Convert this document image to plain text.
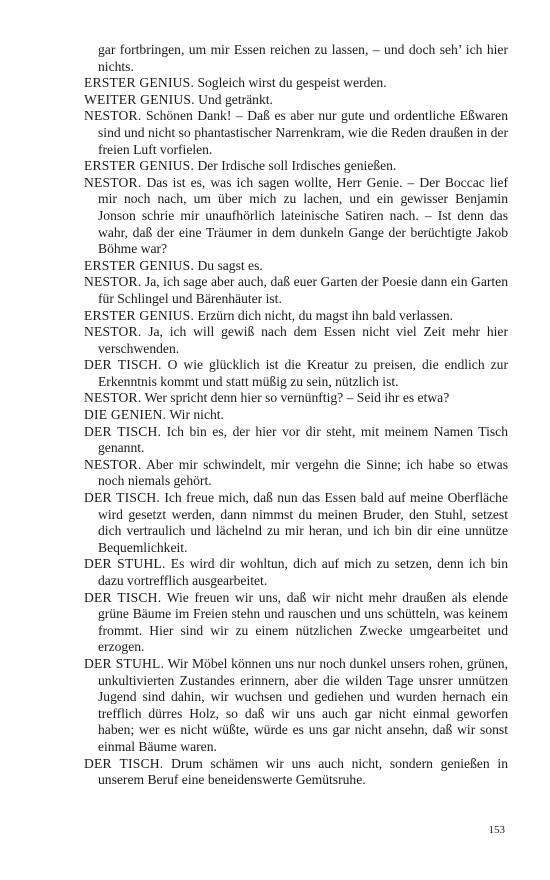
gar fortbringen, um mir Essen reichen zu lassen, – und doch seh’ ich hier nichts.

ERSTER GENIUS. Sogleich wirst du gespeist werden.

WEITER GENIUS. Und getränkt.

NESTOR. Schönen Dank! – Daß es aber nur gute und ordentliche Eßwaren sind und nicht so phantastischer Narrenkram, wie die Reden draußen in der freien Luft vorfielen.

ERSTER GENIUS. Der Irdische soll Irdisches genießen.

NESTOR. Das ist es, was ich sagen wollte, Herr Genie. – Der Boccac lief mir noch nach, um über mich zu lachen, und ein gewisser Benjamin Jonson schrie mir unaufhörlich lateinische Satiren nach. – Ist denn das wahr, daß der eine Träumer in dem dunkeln Gange der berüchtigte Jakob Böhme war?

ERSTER GENIUS. Du sagst es.

NESTOR. Ja, ich sage aber auch, daß euer Garten der Poesie dann ein Garten für Schlingel und Bärenhäuter ist.

ERSTER GENIUS. Erzürn dich nicht, du magst ihn bald verlassen.

NESTOR. Ja, ich will gewiß nach dem Essen nicht viel Zeit mehr hier verschwenden.

DER TISCH. O wie glücklich ist die Kreatur zu preisen, die endlich zur Erkenntnis kommt und statt müßig zu sein, nützlich ist.

NESTOR. Wer spricht denn hier so vernünftig? – Seid ihr es etwa?

DIE GENIEN. Wir nicht.

DER TISCH. Ich bin es, der hier vor dir steht, mit meinem Namen Tisch genannt.

NESTOR. Aber mir schwindelt, mir vergehn die Sinne; ich habe so etwas noch niemals gehört.

DER TISCH. Ich freue mich, daß nun das Essen bald auf meine Oberfläche wird gesetzt werden, dann nimmst du meinen Bruder, den Stuhl, setzest dich vertraulich und lächelnd zu mir heran, und ich bin dir eine unnütze Bequemlichkeit.

DER STUHL. Es wird dir wohltun, dich auf mich zu setzen, denn ich bin dazu vortrefflich ausgearbeitet.

DER TISCH. Wie freuen wir uns, daß wir nicht mehr draußen als elende grüne Bäume im Freien stehn und rauschen und uns schütteln, was keinem frommt. Hier sind wir zu einem nützlichen Zwecke umgearbeitet und erzogen.

DER STUHL. Wir Möbel können uns nur noch dunkel unsers rohen, grünen, unkultivierten Zustandes erinnern, aber die wilden Tage unsrer unnützen Jugend sind dahin, wir wuchsen und gediehen und wurden hernach ein trefflich dürres Holz, so daß wir uns auch gar nicht einmal geworfen haben; wer es nicht wüßte, würde es uns gar nicht ansehn, daß wir sonst einmal Bäume waren.

DER TISCH. Drum schämen wir uns auch nicht, sondern genießen in unserem Beruf eine beneidenswerte Gemütsruhe.

153
